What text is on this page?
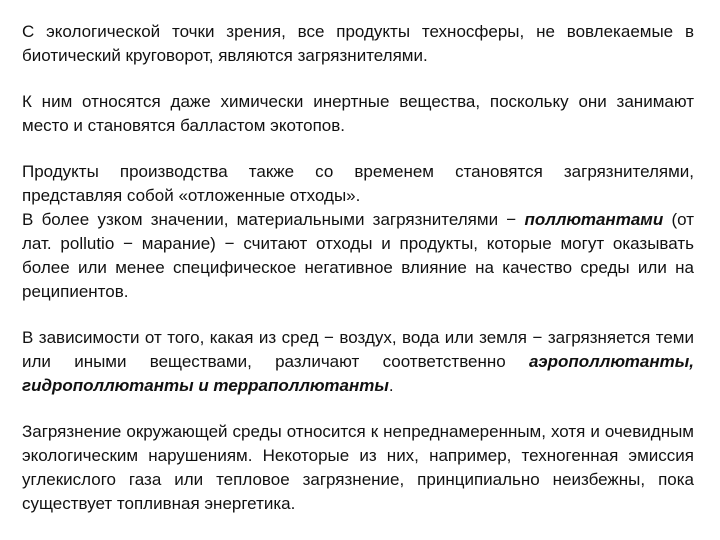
С экологической точки зрения, все продукты техносферы, не вовлекаемые в биотический круговорот, являются загрязнителями.

К ним относятся даже химически инертные вещества, поскольку они занимают место и становятся балластом экотопов.

Продукты производства также со временем становятся загрязнителями, представляя собой «отложенные отходы».

В более узком значении, материальными загрязнителями − поллютантами (от лат. pollutio − марание) − считают отходы и продукты, которые могут оказывать более или менее специфическое негативное влияние на качество среды или на реципиентов.

В зависимости от того, какая из сред − воздух, вода или земля − загрязняется теми или иными веществами, различают соответственно аэрополлютанты, гидрополлютанты и терраполлютанты.

Загрязнение окружающей среды относится к непреднамеренным, хотя и очевидным экологическим нарушениям. Некоторые из них, например, техногенная эмиссия углекислого газа или тепловое загрязнение, принципиально неизбежны, пока существует топливная энергетика.
